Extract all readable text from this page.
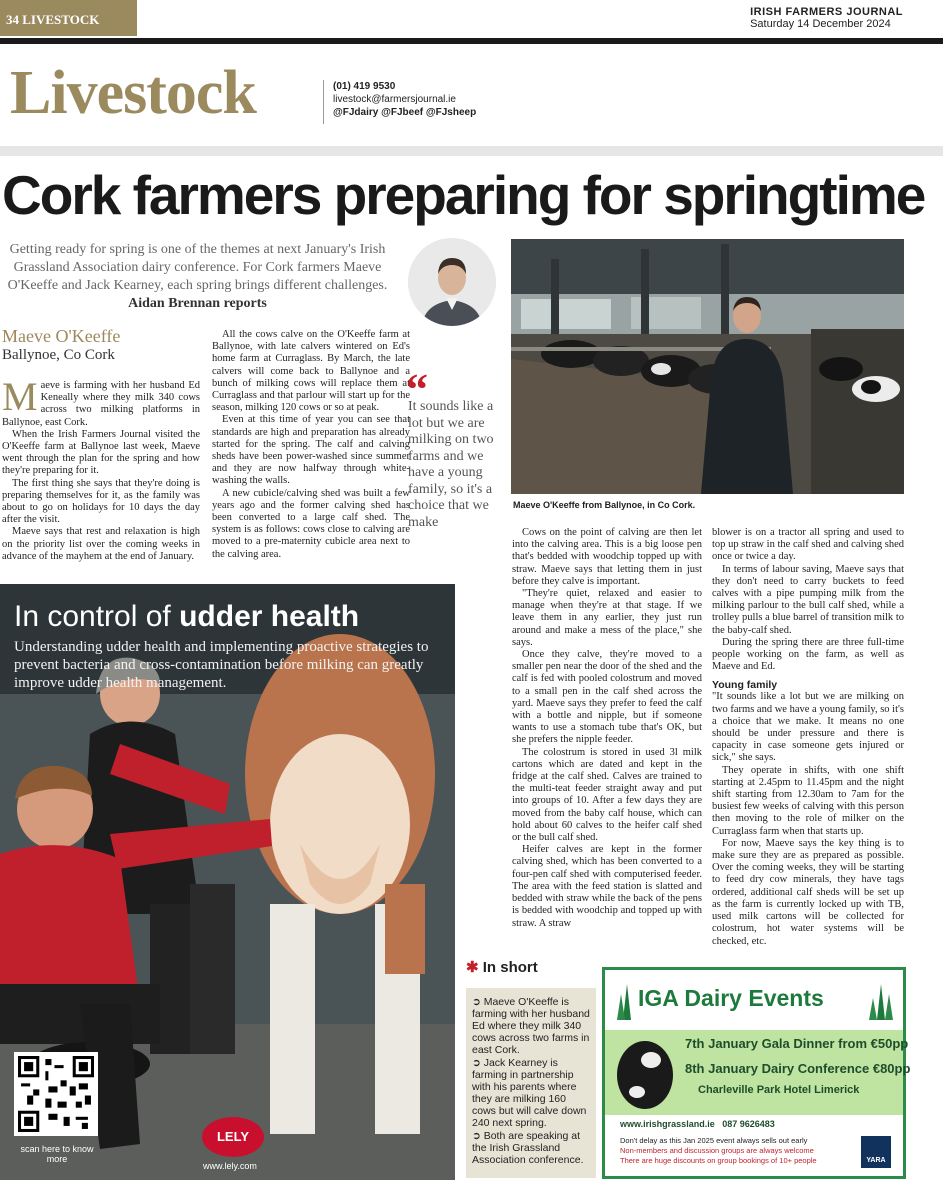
34 LIVESTOCK	IRISH FARMERS JOURNAL
Saturday 14 December 2024
Livestock	(01) 419 9530
livestock@farmersjournal.ie
@FJdairy @FJbeef @FJsheep
Cork farmers preparing for springtime
Getting ready for spring is one of the themes at next January's Irish Grassland Association dairy conference. For Cork farmers Maeve O'Keeffe and Jack Kearney, each spring brings different challenges. Aidan Brennan reports
Maeve O'Keeffe from Ballynoe, in Co Cork.
Maeve O'Keeffe
Ballynoe, Co Cork

Maeve is farming with her husband Ed Keneally where they milk 340 cows across two milking platforms in Ballynoe, east Cork.

When the Irish Farmers Journal visited the O'Keeffe farm at Ballynoe last week, Maeve went through the plan for the spring and how they're preparing for it.

The first thing she says that they're doing is preparing themselves for it, as the family was about to go on holidays for 10 days the day after the visit.

Maeve says that rest and relaxation is high on the priority list over the coming weeks in advance of the mayhem at the end of January.

All the cows calve on the O'Keeffe farm at Ballynoe, with late calvers wintered on Ed's home farm at Curraglass. By March, the late calvers will come back to Ballynoe and a bunch of milking cows will replace them at Curraglass and that parlour will start up for the season, milking 120 cows or so at peak.

Even at this time of year you can see that standards are high and preparation has already started for the spring. The calf and calving sheds have been power-washed since summer and they are now halfway through white-washing the walls.

A new cubicle/calving shed was built a few years ago and the former calving shed has been converted to a large calf shed. The system is as follows: cows close to calving are moved to a pre-maternity cubicle area next to the calving area.

“
It sounds like a lot but we are milking on two farms and we have a young family, so it's a choice that we make

Cows on the point of calving are then let into the calving area. This is a big loose pen that's bedded with woodchip topped up with straw. Maeve says that letting them in just before they calve is important.

"They're quiet, relaxed and easier to manage when they're at that stage. If we leave them in any earlier, they just run around and make a mess of the place," she says.

Once they calve, they're moved to a smaller pen near the door of the shed and the calf is fed with pooled colostrum and moved to a small pen in the calf shed across the yard. Maeve says they prefer to feed the calf with a bottle and nipple, but if someone wants to use a stomach tube that's OK, but she prefers the nipple feeder.

The colostrum is stored in used 3l milk cartons which are dated and kept in the fridge at the calf shed. Calves are trained to the multi-teat feeder straight away and put into groups of 10. After a few days they are moved from the baby calf house, which can hold about 60 calves to the heifer calf shed or the bull calf shed.

Heifer calves are kept in the former calving shed, which has been converted to a four-pen calf shed with computerised feeder. The area with the feed station is slatted and bedded with straw while the back of the pens is bedded with woodchip and topped up with straw. A straw

blower is on a tractor all spring and used to top up straw in the calf shed and calving shed once or twice a day.

In terms of labour saving, Maeve says that they don't need to carry buckets to feed calves with a pipe pumping milk from the milking parlour to the bull calf shed, while a trolley pulls a blue barrel of transition milk to the baby-calf shed.

During the spring there are three full-time people working on the farm, as well as Maeve and Ed.

Young family

"It sounds like a lot but we are milking on two farms and we have a young family, so it's a choice that we make. It means no one should be under pressure and there is capacity in case someone gets injured or sick," she says.

They operate in shifts, with one shift starting at 2.45pm to 11.45pm and the night shift starting from 12.30am to 7am for the busiest few weeks of calving with this person then moving to the role of milker on the Curraglass farm when that starts up.

For now, Maeve says the key thing is to make sure they are as prepared as possible. Over the coming weeks, they will be starting to feed dry cow minerals, they have tags ordered, additional calf sheds will be set up as the farm is currently locked up with TB, used milk cartons will be collected for colostrum, hot water systems will be checked, etc.

In control of udder health
Understanding udder health and implementing proactive strategies to prevent bacteria and cross-contamination before milking can greatly improve udder health management.
scan here to know more
LELY
www.lely.com
✱ In short

➲ Maeve O'Keeffe is farming with her husband Ed where they milk 340 cows across two farms in east Cork.

➲ Jack Kearney is farming in partnership with his parents where they are milking 160 cows but will calve down 240 next spring.

➲ Both are speaking at the Irish Grassland Association conference.

IGA Dairy Events
7th January Gala Dinner from €50pp
8th January Dairy Conference €80pp
Charleville Park Hotel Limerick
www.irishgrassland.ie 087 9626483
Don't delay as this Jan 2025 event always sells out early
Non-members and discussion groups are always welcome
There are huge discounts on group bookings of 10+ people	YARA
